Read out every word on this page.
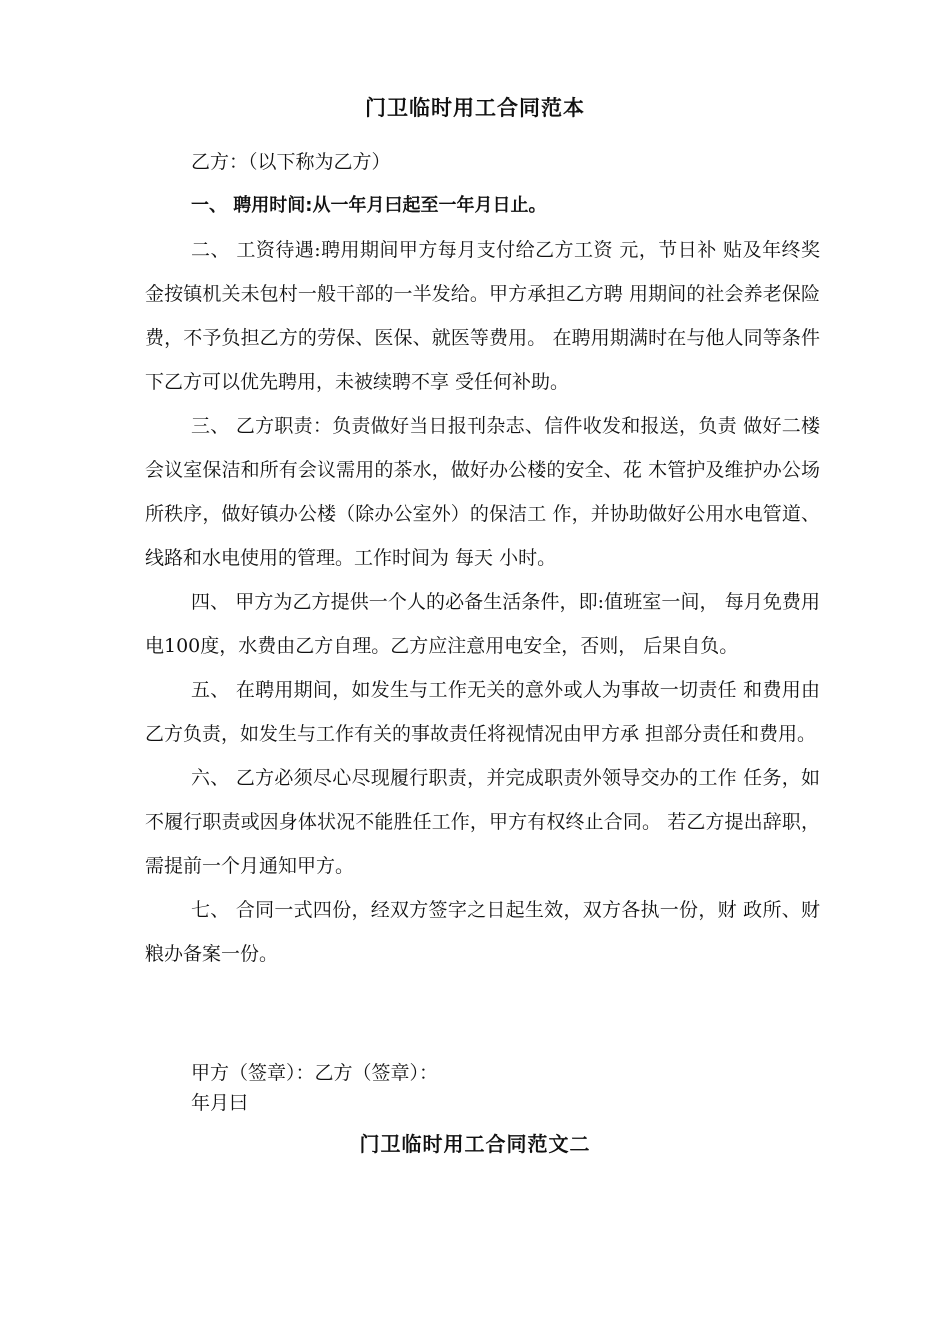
门卫临时用工合同范本

乙方：（以下称为乙方）

一、 聘用时间:从一年月曰起至一年月日止。

二、 工资待遇:聘用期间甲方每月支付给乙方工资 元，节日补 贴及年终奖金按镇机关未包村一般干部的一半发给。甲方承担乙方聘 用期间的社会养老保险费，不予负担乙方的劳保、医保、就医等费用。 在聘用期满时在与他人同等条件下乙方可以优先聘用，未被续聘不享 受任何补助。

三、 乙方职责：负责做好当日报刊杂志、信件收发和报送，负责 做好二楼会议室保洁和所有会议需用的茶水，做好办公楼的安全、花 木管护及维护办公场所秩序，做好镇办公楼（除办公室外）的保洁工 作，并协助做好公用水电管道、线路和水电使用的管理。工作时间为 每天 小时。

四、 甲方为乙方提供一个人的必备生活条件，即:值班室一间， 每月免费用电100度，水费由乙方自理。乙方应注意用电安全，否则， 后果自负。

五、 在聘用期间，如发生与工作无关的意外或人为事故一切责任 和费用由乙方负责，如发生与工作有关的事故责任将视情况由甲方承 担部分责任和费用。

六、 乙方必须尽心尽现履行职责，并完成职责外领导交办的工作 任务，如不履行职责或因身体状况不能胜任工作，甲方有权终止合同。 若乙方提出辞职，需提前一个月通知甲方。

七、 合同一式四份，经双方签字之日起生效，双方各执一份，财 政所、财粮办备案一份。

甲方（签章）：乙方（签章）：
年月曰
门卫临时用工合同范文二
